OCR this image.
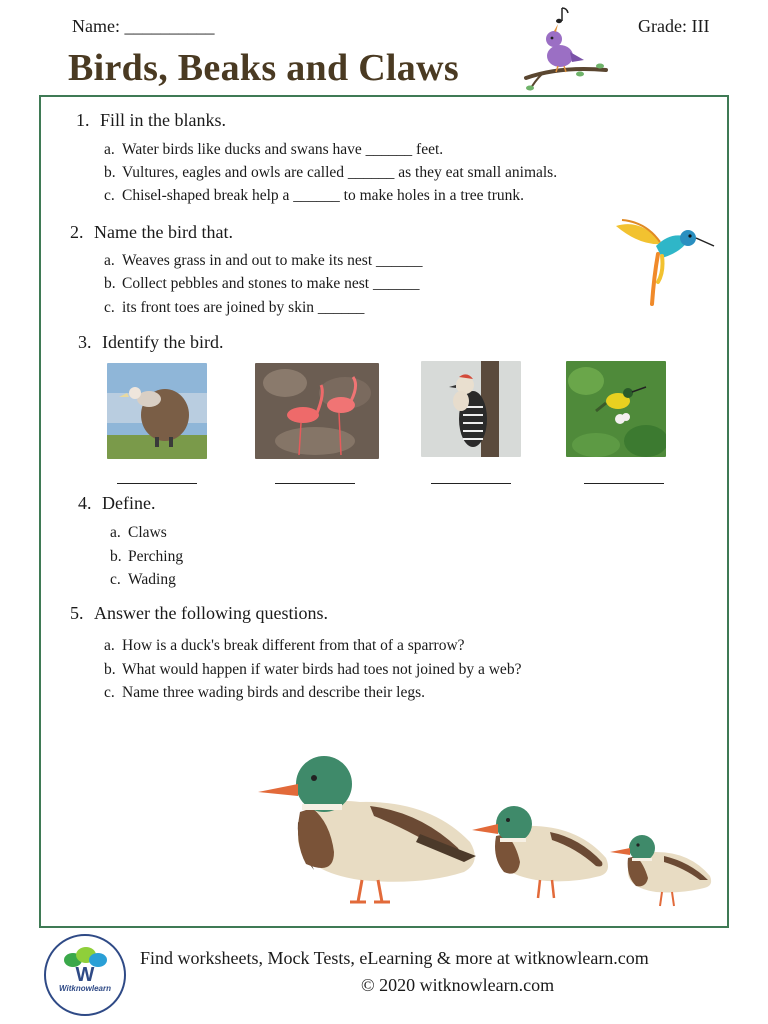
Name: __________	Grade: III
Birds, Beaks and Claws
1. Fill in the blanks.
a. Water birds like ducks and swans have ______ feet.
b. Vultures, eagles and owls are called ______ as they eat small animals.
c. Chisel-shaped break help a ______ to make holes in a tree trunk.
2. Name the bird that.
a. Weaves grass in and out to make its nest ______
b. Collect pebbles and stones to make nest ______
c. its front toes are joined by skin ______
3. Identify the bird.
4. Define.
a. Claws
b. Perching
c. Wading
5. Answer the following questions.
a. How is a duck's break different from that of a sparrow?
b. What would happen if water birds had toes not joined by a web?
c. Name three wading birds and describe their legs.
W
Witknowlearn
Find worksheets, Mock Tests, eLearning & more at witknowlearn.com
© 2020 witknowlearn.com
